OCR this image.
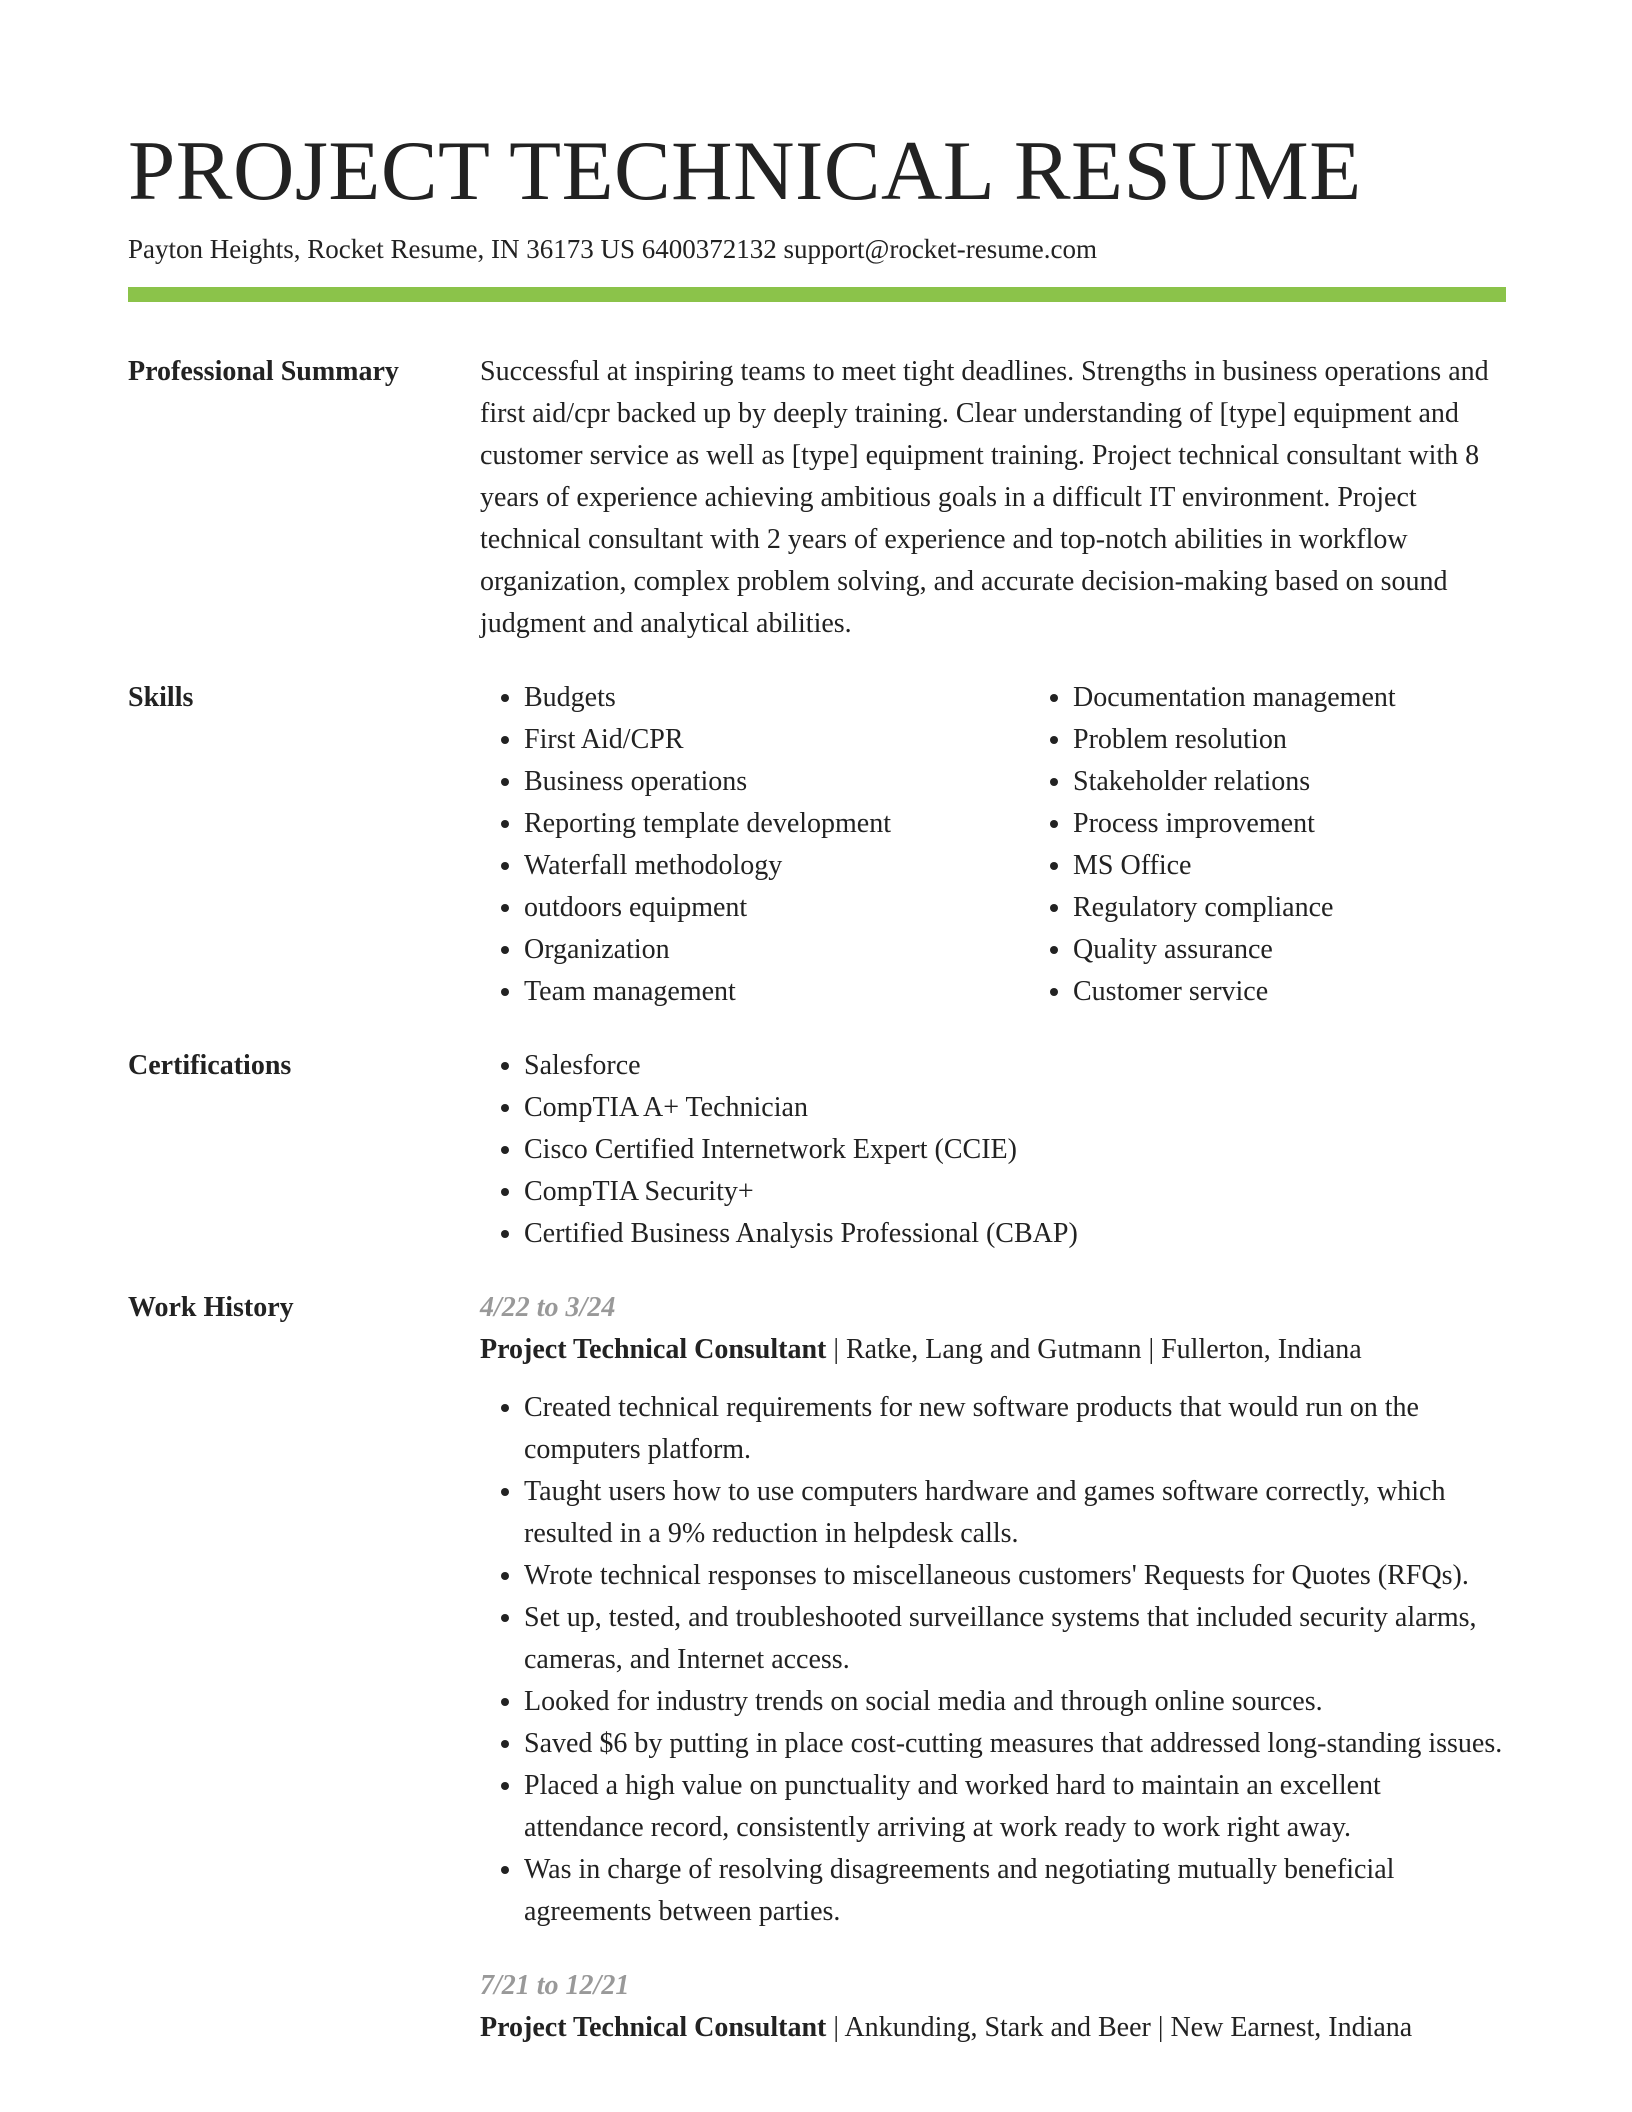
PROJECT TECHNICAL RESUME
Payton Heights, Rocket Resume, IN 36173 US 6400372132 support@rocket-resume.com
Professional Summary	Successful at inspiring teams to meet tight deadlines. Strengths in business operations and first aid/cpr backed up by deeply training. Clear understanding of [type] equipment and customer service as well as [type] equipment training. Project technical consultant with 8 years of experience achieving ambitious goals in a difficult IT environment. Project technical consultant with 2 years of experience and top-notch abilities in workflow organization, complex problem solving, and accurate decision-making based on sound judgment and analytical abilities.

Skills	• Budgets
• First Aid/CPR
• Business operations
• Reporting template development
• Waterfall methodology
• outdoors equipment
• Organization
• Team management
• Documentation management
• Problem resolution
• Stakeholder relations
• Process improvement
• MS Office
• Regulatory compliance
• Quality assurance
• Customer service
Certifications	• Salesforce
• CompTIA A+ Technician
• Cisco Certified Internetwork Expert (CCIE)
• CompTIA Security+
• Certified Business Analysis Professional (CBAP)
Work History	4/22 to 3/24
Project Technical Consultant | Ratke, Lang and Gutmann | Fullerton, Indiana
• Created technical requirements for new software products that would run on the computers platform.
• Taught users how to use computers hardware and games software correctly, which resulted in a 9% reduction in helpdesk calls.
• Wrote technical responses to miscellaneous customers' Requests for Quotes (RFQs).
• Set up, tested, and troubleshooted surveillance systems that included security alarms, cameras, and Internet access.
• Looked for industry trends on social media and through online sources.
• Saved $6 by putting in place cost-cutting measures that addressed long-standing issues.
• Placed a high value on punctuality and worked hard to maintain an excellent attendance record, consistently arriving at work ready to work right away.
• Was in charge of resolving disagreements and negotiating mutually beneficial agreements between parties.
7/21 to 12/21
Project Technical Consultant | Ankunding, Stark and Beer | New Earnest, Indiana
